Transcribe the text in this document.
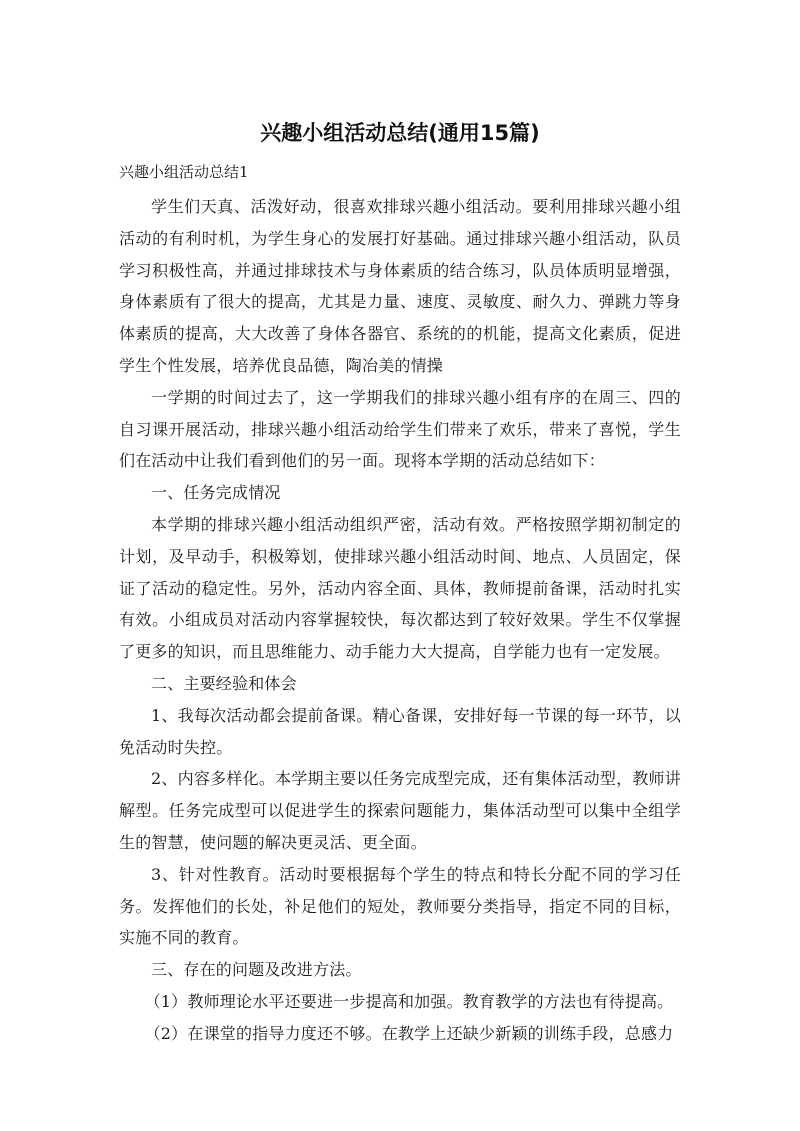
兴趣小组活动总结(通用15篇)

兴趣小组活动总结1

学生们天真、活泼好动，很喜欢排球兴趣小组活动。要利用排球兴趣小组活动的有利时机，为学生身心的发展打好基础。通过排球兴趣小组活动，队员学习积极性高，并通过排球技术与身体素质的结合练习，队员体质明显增强，身体素质有了很大的提高，尤其是力量、速度、灵敏度、耐久力、弹跳力等身体素质的提高，大大改善了身体各器官、系统的的机能，提高文化素质，促进学生个性发展，培养优良品德，陶冶美的情操

一学期的时间过去了，这一学期我们的排球兴趣小组有序的在周三、四的自习课开展活动，排球兴趣小组活动给学生们带来了欢乐，带来了喜悦，学生们在活动中让我们看到他们的另一面。现将本学期的活动总结如下：

一、任务完成情况

本学期的排球兴趣小组活动组织严密，活动有效。严格按照学期初制定的计划，及早动手，积极筹划，使排球兴趣小组活动时间、地点、人员固定，保证了活动的稳定性。另外，活动内容全面、具体，教师提前备课，活动时扎实有效。小组成员对活动内容掌握较快，每次都达到了较好效果。学生不仅掌握了更多的知识，而且思维能力、动手能力大大提高，自学能力也有一定发展。

二、主要经验和体会

1、我每次活动都会提前备课。精心备课，安排好每一节课的每一环节，以免活动时失控。

2、内容多样化。本学期主要以任务完成型完成，还有集体活动型，教师讲解型。任务完成型可以促进学生的探索问题能力，集体活动型可以集中全组学生的智慧，使问题的解决更灵活、更全面。

3、针对性教育。活动时要根据每个学生的特点和特长分配不同的学习任务。发挥他们的长处，补足他们的短处，教师要分类指导，指定不同的目标，实施不同的教育。

三、存在的问题及改进方法。

（1）教师理论水平还要进一步提高和加强。教育教学的方法也有待提高。

（2）在课堂的指导力度还不够。在教学上还缺少新颖的训练手段，总感力
